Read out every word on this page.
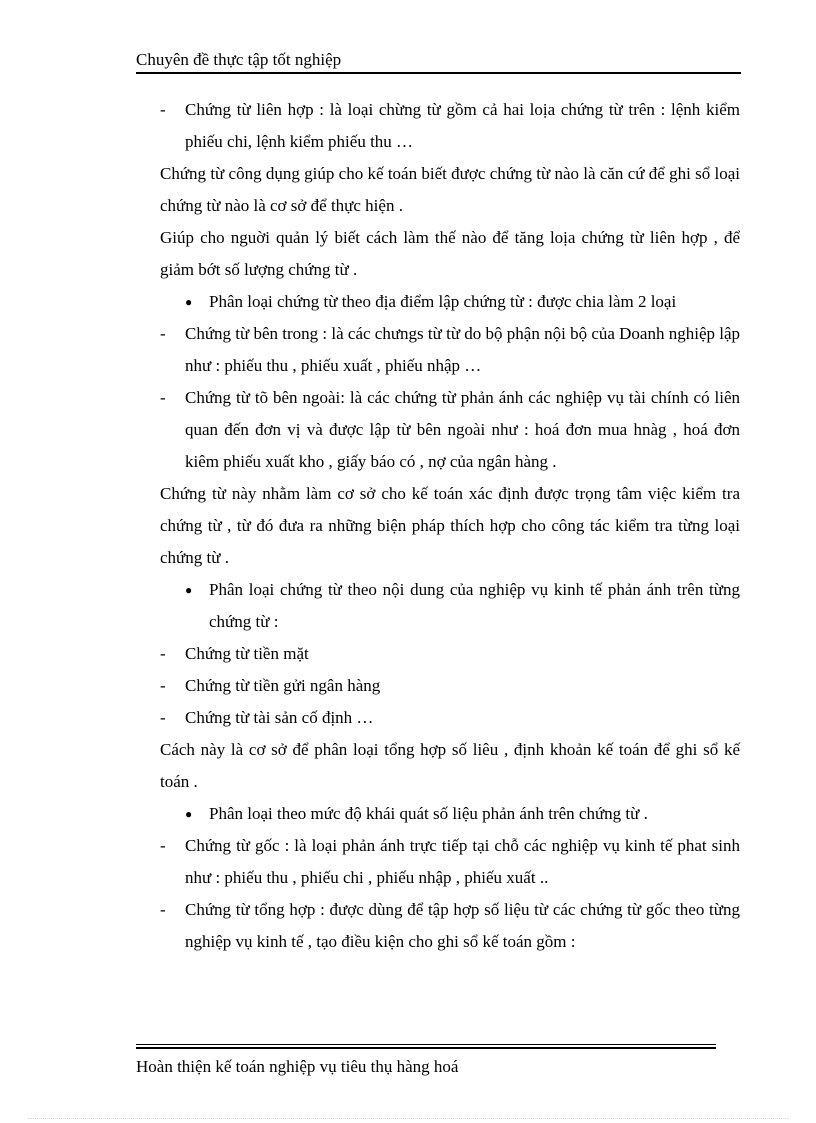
Chuyên đề thực tập tốt nghiệp
- Chứng từ liên hợp : là loại chừng từ gồm cả hai loịa chứng từ trên : lệnh kiểm phiếu chi, lệnh kiểm phiếu thu …

Chứng từ công dụng giúp cho kế toán biết được chứng từ nào là căn cứ để ghi sổ loại chứng từ nào là cơ sở để thực hiện .

Giúp cho nguời quản lý biết cách làm thế nào để tăng loịa chứng từ liên hợp , để giảm bớt số lượng chứng từ .

● Phân loại chứng từ theo địa điểm lập chứng từ : được chia làm 2 loại
- Chứng từ bên trong : là các chưngs từ từ do bộ phận nội bộ của Doanh nghiệp lập như : phiếu thu , phiếu xuất , phiếu nhập …
- Chứng từ tõ bên ngoài: là các chứng từ phản ánh các nghiệp vụ tài chính có liên quan đến đơn vị và được lập từ bên ngoài như : hoá đơn mua hnàg , hoá đơn kiêm phiếu xuất kho , giấy báo có , nợ của ngân hàng .

Chứng từ này nhằm làm cơ sở cho kế toán xác định được trọng tâm việc kiểm tra chứng từ , từ đó đưa ra những biện pháp thích hợp cho công tác kiểm tra từng loại chứng từ .

● Phân loại chứng từ theo nội dung của nghiệp vụ kinh tế phản ánh trên từng chứng từ :
- Chứng từ tiền mặt
- Chứng từ tiền gửi ngân hàng
- Chứng từ tài sản cố định …

Cách này là cơ sở để phân loại tổng hợp số liêu , định khoản kế toán để ghi sổ kế toán .

● Phân loại theo mức độ khái quát số liệu phản ánh trên chứng từ .
- Chứng từ gốc : là loại phản ánh trực tiếp tại chỗ các nghiệp vụ kinh tế phat sinh như : phiếu thu , phiếu chi , phiếu nhập , phiếu xuất ..
- Chứng từ tổng hợp : được dùng để tập hợp số liệu từ các chứng từ gốc theo từng nghiệp vụ kinh tế , tạo điều kiện cho ghi sổ kế toán gồm :
Hoàn thiện kế toán nghiệp vụ tiêu thụ hàng hoá
